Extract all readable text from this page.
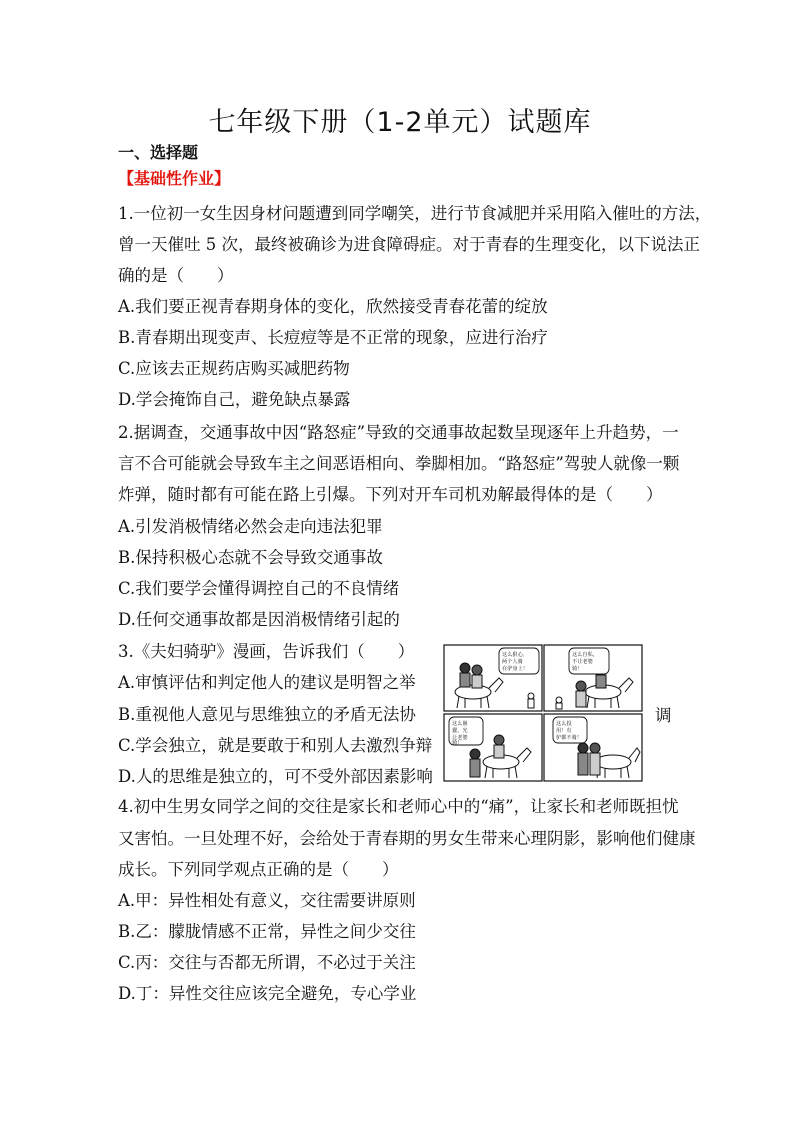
七年级下册（1-2单元）试题库
一、选择题
【基础性作业】
1.一位初一女生因身材问题遭到同学嘲笑，进行节食减肥并采用陷入催吐的方法，
曾一天催吐 5 次，最终被确诊为进食障碍症。对于青春的生理变化，以下说法正
确的是（　　）
A.我们要正视青春期身体的变化，欣然接受青春花蕾的绽放
B.青春期出现变声、长痘痘等是不正常的现象，应进行治疗
C.应该去正规药店购买减肥药物
D.学会掩饰自己，避免缺点暴露
2.据调查，交通事故中因“路怒症”导致的交通事故起数呈现逐年上升趋势，一
言不合可能就会导致车主之间恶语相向、拳脚相加。“路怒症”驾驶人就像一颗
炸弹，随时都有可能在路上引爆。下列对开车司机劝解最得体的是（　　）
A.引发消极情绪必然会走向违法犯罪
B.保持积极心态就不会导致交通事故
C.我们要学会懂得调控自己的不良情绪
D.任何交通事故都是因消极情绪引起的
3.《夫妇骑驴》漫画，告诉我们（　　）
A.审慎评估和判定他人的建议是明智之举
B.重视他人意见与思维独立的矛盾无法协
C.学会独立，就是要敢于和别人去激烈争辩
D.人的思维是独立的，可不受外部因素影响
调
这么狠心，
两个人骑
在驴身上！
这么自私，
不让老婆
骑！
这么愚
蠢，光
让老婆
骑！
这么投
用！有
驴都不骑！
4.初中生男女同学之间的交往是家长和老师心中的“痛”，让家长和老师既担忧
又害怕。一旦处理不好，会给处于青春期的男女生带来心理阴影，影响他们健康
成长。下列同学观点正确的是（　　）
A.甲：异性相处有意义，交往需要讲原则
B.乙：朦胧情感不正常，异性之间少交往
C.丙：交往与否都无所谓，不必过于关注
D.丁：异性交往应该完全避免，专心学业
